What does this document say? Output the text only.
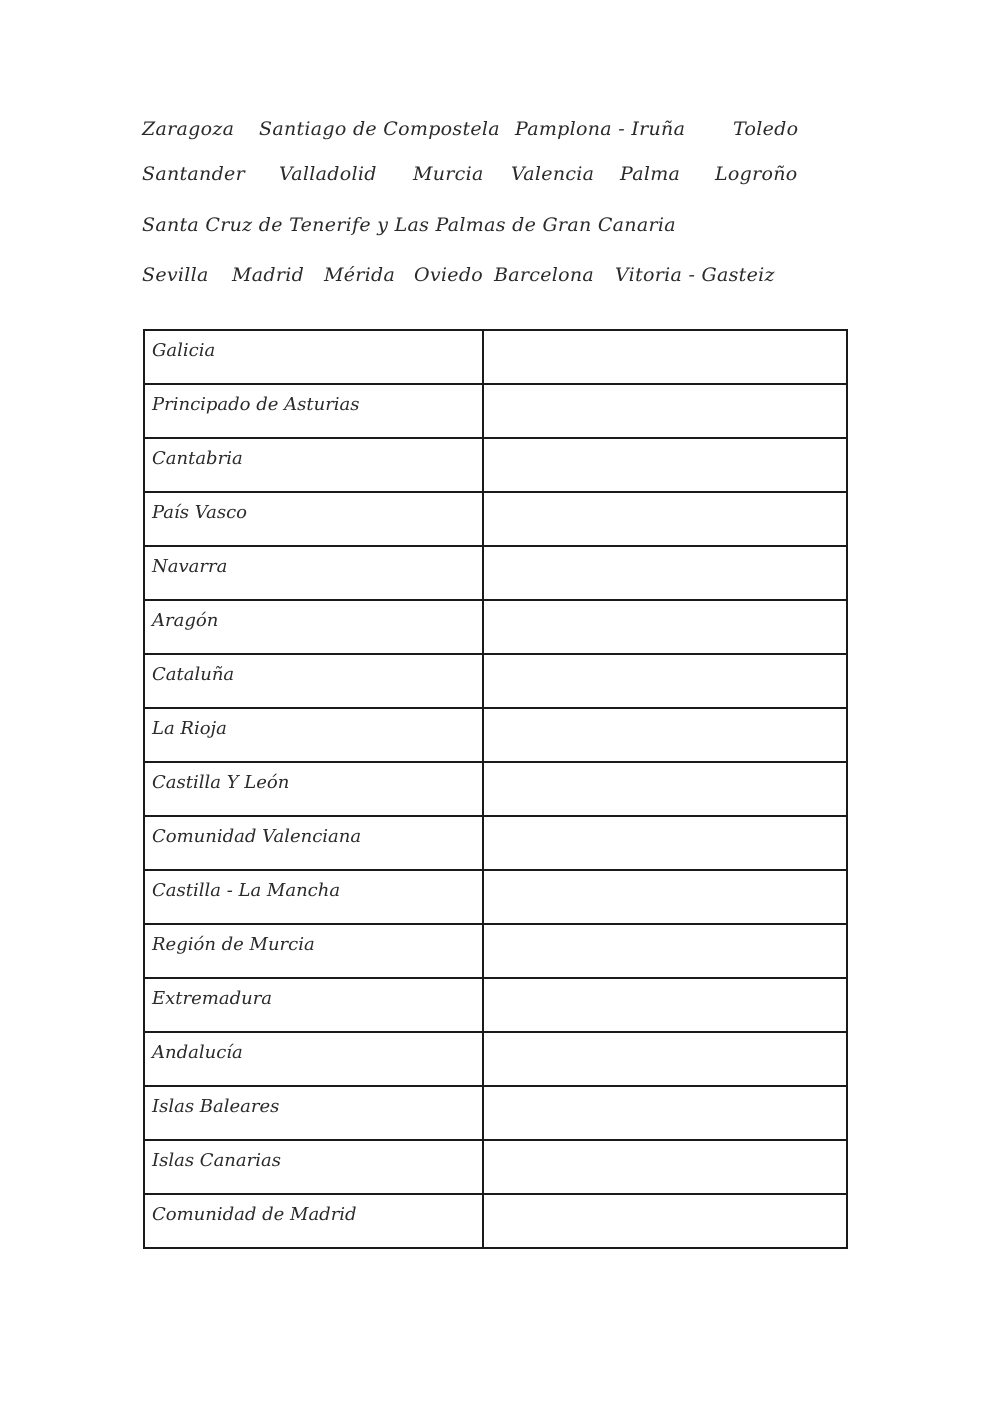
Zaragoza Santiago de Compostela Pamplona - Iruña	Toledo
Santander Valladolid Murcia Valencia Palma Logroño
Santa Cruz de Tenerife y Las Palmas de Gran Canaria
Sevilla Madrid Mérida Oviedo Barcelona Vitoria - Gasteiz
Galicia	

Principado de Asturias	

Cantabria	

País Vasco	

Navarra	

Aragón	

Cataluña	

La Rioja	

Castilla Y León	

Comunidad Valenciana	

Castilla - La Mancha	

Región de Murcia	

Extremadura	

Andalucía	

Islas Baleares	

Islas Canarias	

Comunidad de Madrid	
